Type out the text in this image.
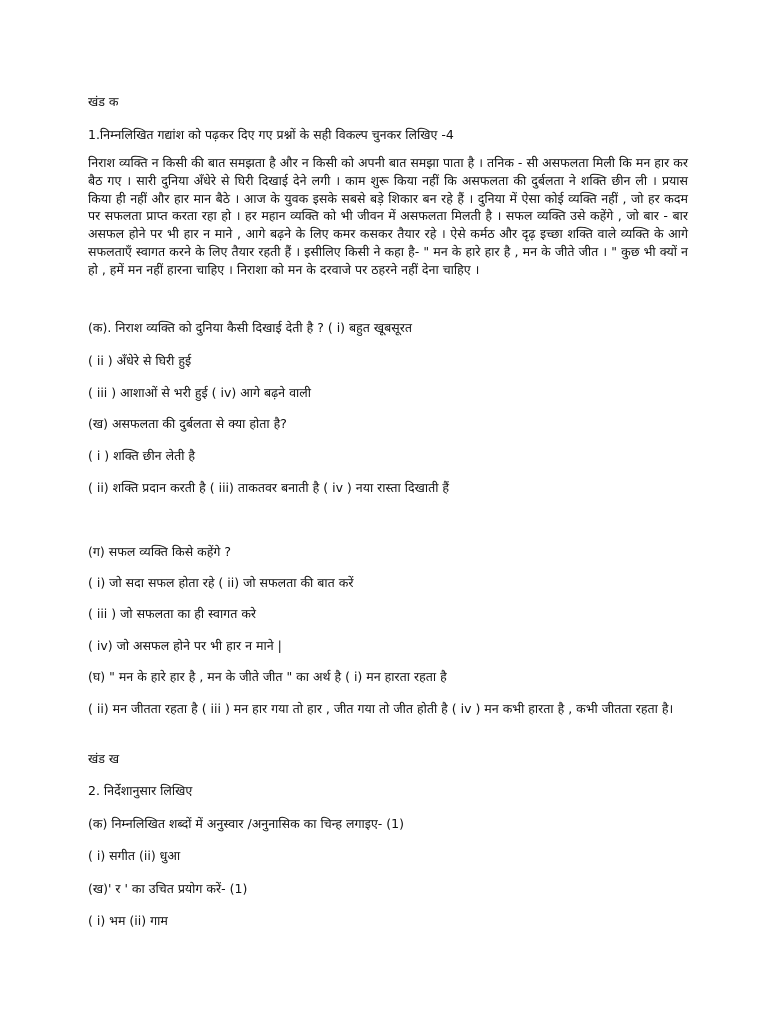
खंड क
1.निम्नलिखित गद्यांश को पढ़कर दिए गए प्रश्नों के सही विकल्प चुनकर लिखिए -4
निराश व्यक्ति न किसी की बात समझता है और न किसी को अपनी बात समझा पाता है । तनिक - सी असफलता मिली कि मन हार कर बैठ गए । सारी दुनिया अँधेरे से घिरी दिखाई देने लगी । काम शुरू किया नहीं कि असफलता की दुर्बलता ने शक्ति छीन ली । प्रयास किया ही नहीं और हार मान बैठे । आज के युवक इसके सबसे बड़े शिकार बन रहे हैं । दुनिया में ऐसा कोई व्यक्ति नहीं , जो हर कदम पर सफलता प्राप्त करता रहा हो । हर महान व्यक्ति को भी जीवन में असफलता मिलती है । सफल व्यक्ति उसे कहेंगे , जो बार - बार असफल होने पर भी हार न माने , आगे बढ़ने के लिए कमर कसकर तैयार रहे । ऐसे कर्मठ और दृढ़ इच्छा शक्ति वाले व्यक्ति के आगे सफलताएँ स्वागत करने के लिए तैयार रहती हैं । इसीलिए किसी ने कहा है- " मन के हारे हार है , मन के जीते जीत । " कुछ भी क्यों न हो , हमें मन नहीं हारना चाहिए । निराशा को मन के दरवाजे पर ठहरने नहीं देना चाहिए ।
(क). निराश व्यक्ति को दुनिया कैसी दिखाई देती है ? ( i) बहुत खूबसूरत
( ii ) अँधेरे से घिरी हुई
( iii ) आशाओं से भरी हुई ( iv) आगे बढ़ने वाली
(ख) असफलता की दुर्बलता से क्या होता है?
( i ) शक्ति छीन लेती है
( ii) शक्ति प्रदान करती है ( iii) ताकतवर बनाती है ( iv ) नया रास्ता दिखाती हैं
(ग) सफल व्यक्ति किसे कहेंगे ?
( i) जो सदा सफल होता रहे ( ii) जो सफलता की बात करें
( iii ) जो सफलता का ही स्वागत करे
( iv) जो असफल होने पर भी हार न माने |
(घ) " मन के हारे हार है , मन के जीते जीत " का अर्थ है ( i) मन हारता रहता है
( ii) मन जीतता रहता है ( iii ) मन हार गया तो हार , जीत गया तो जीत होती है ( iv ) मन कभी हारता है , कभी जीतता रहता है।
खंड ख
2. निर्देशानुसार लिखिए
(क) निम्नलिखित शब्दों में अनुस्वार /अनुनासिक का चिन्ह लगाइए- (1)
( i) सगीत (ii) धुआ
(ख)' र ' का उचित प्रयोग करें- (1)
( i) भम (ii) गाम
